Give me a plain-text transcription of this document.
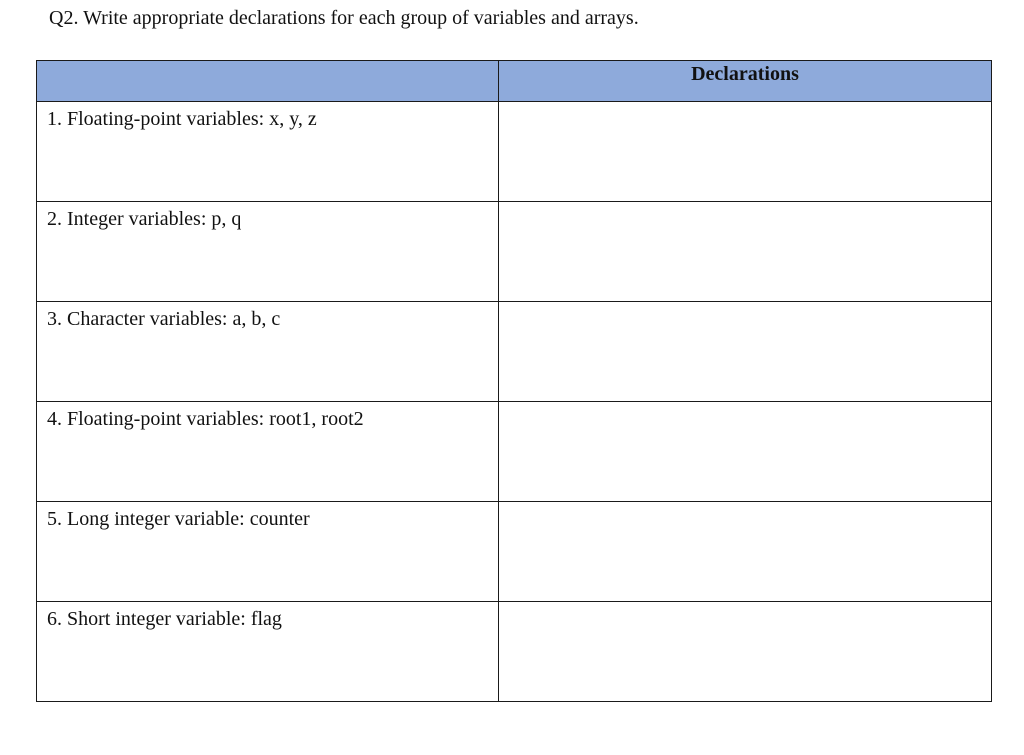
Q2. Write appropriate declarations for each group of variables and arrays.

	Declarations
1. Floating-point variables: x, y, z	
2. Integer variables: p, q	
3. Character variables: a, b, c	
4. Floating-point variables: root1, root2	
5. Long integer variable: counter	
6. Short integer variable: flag	
